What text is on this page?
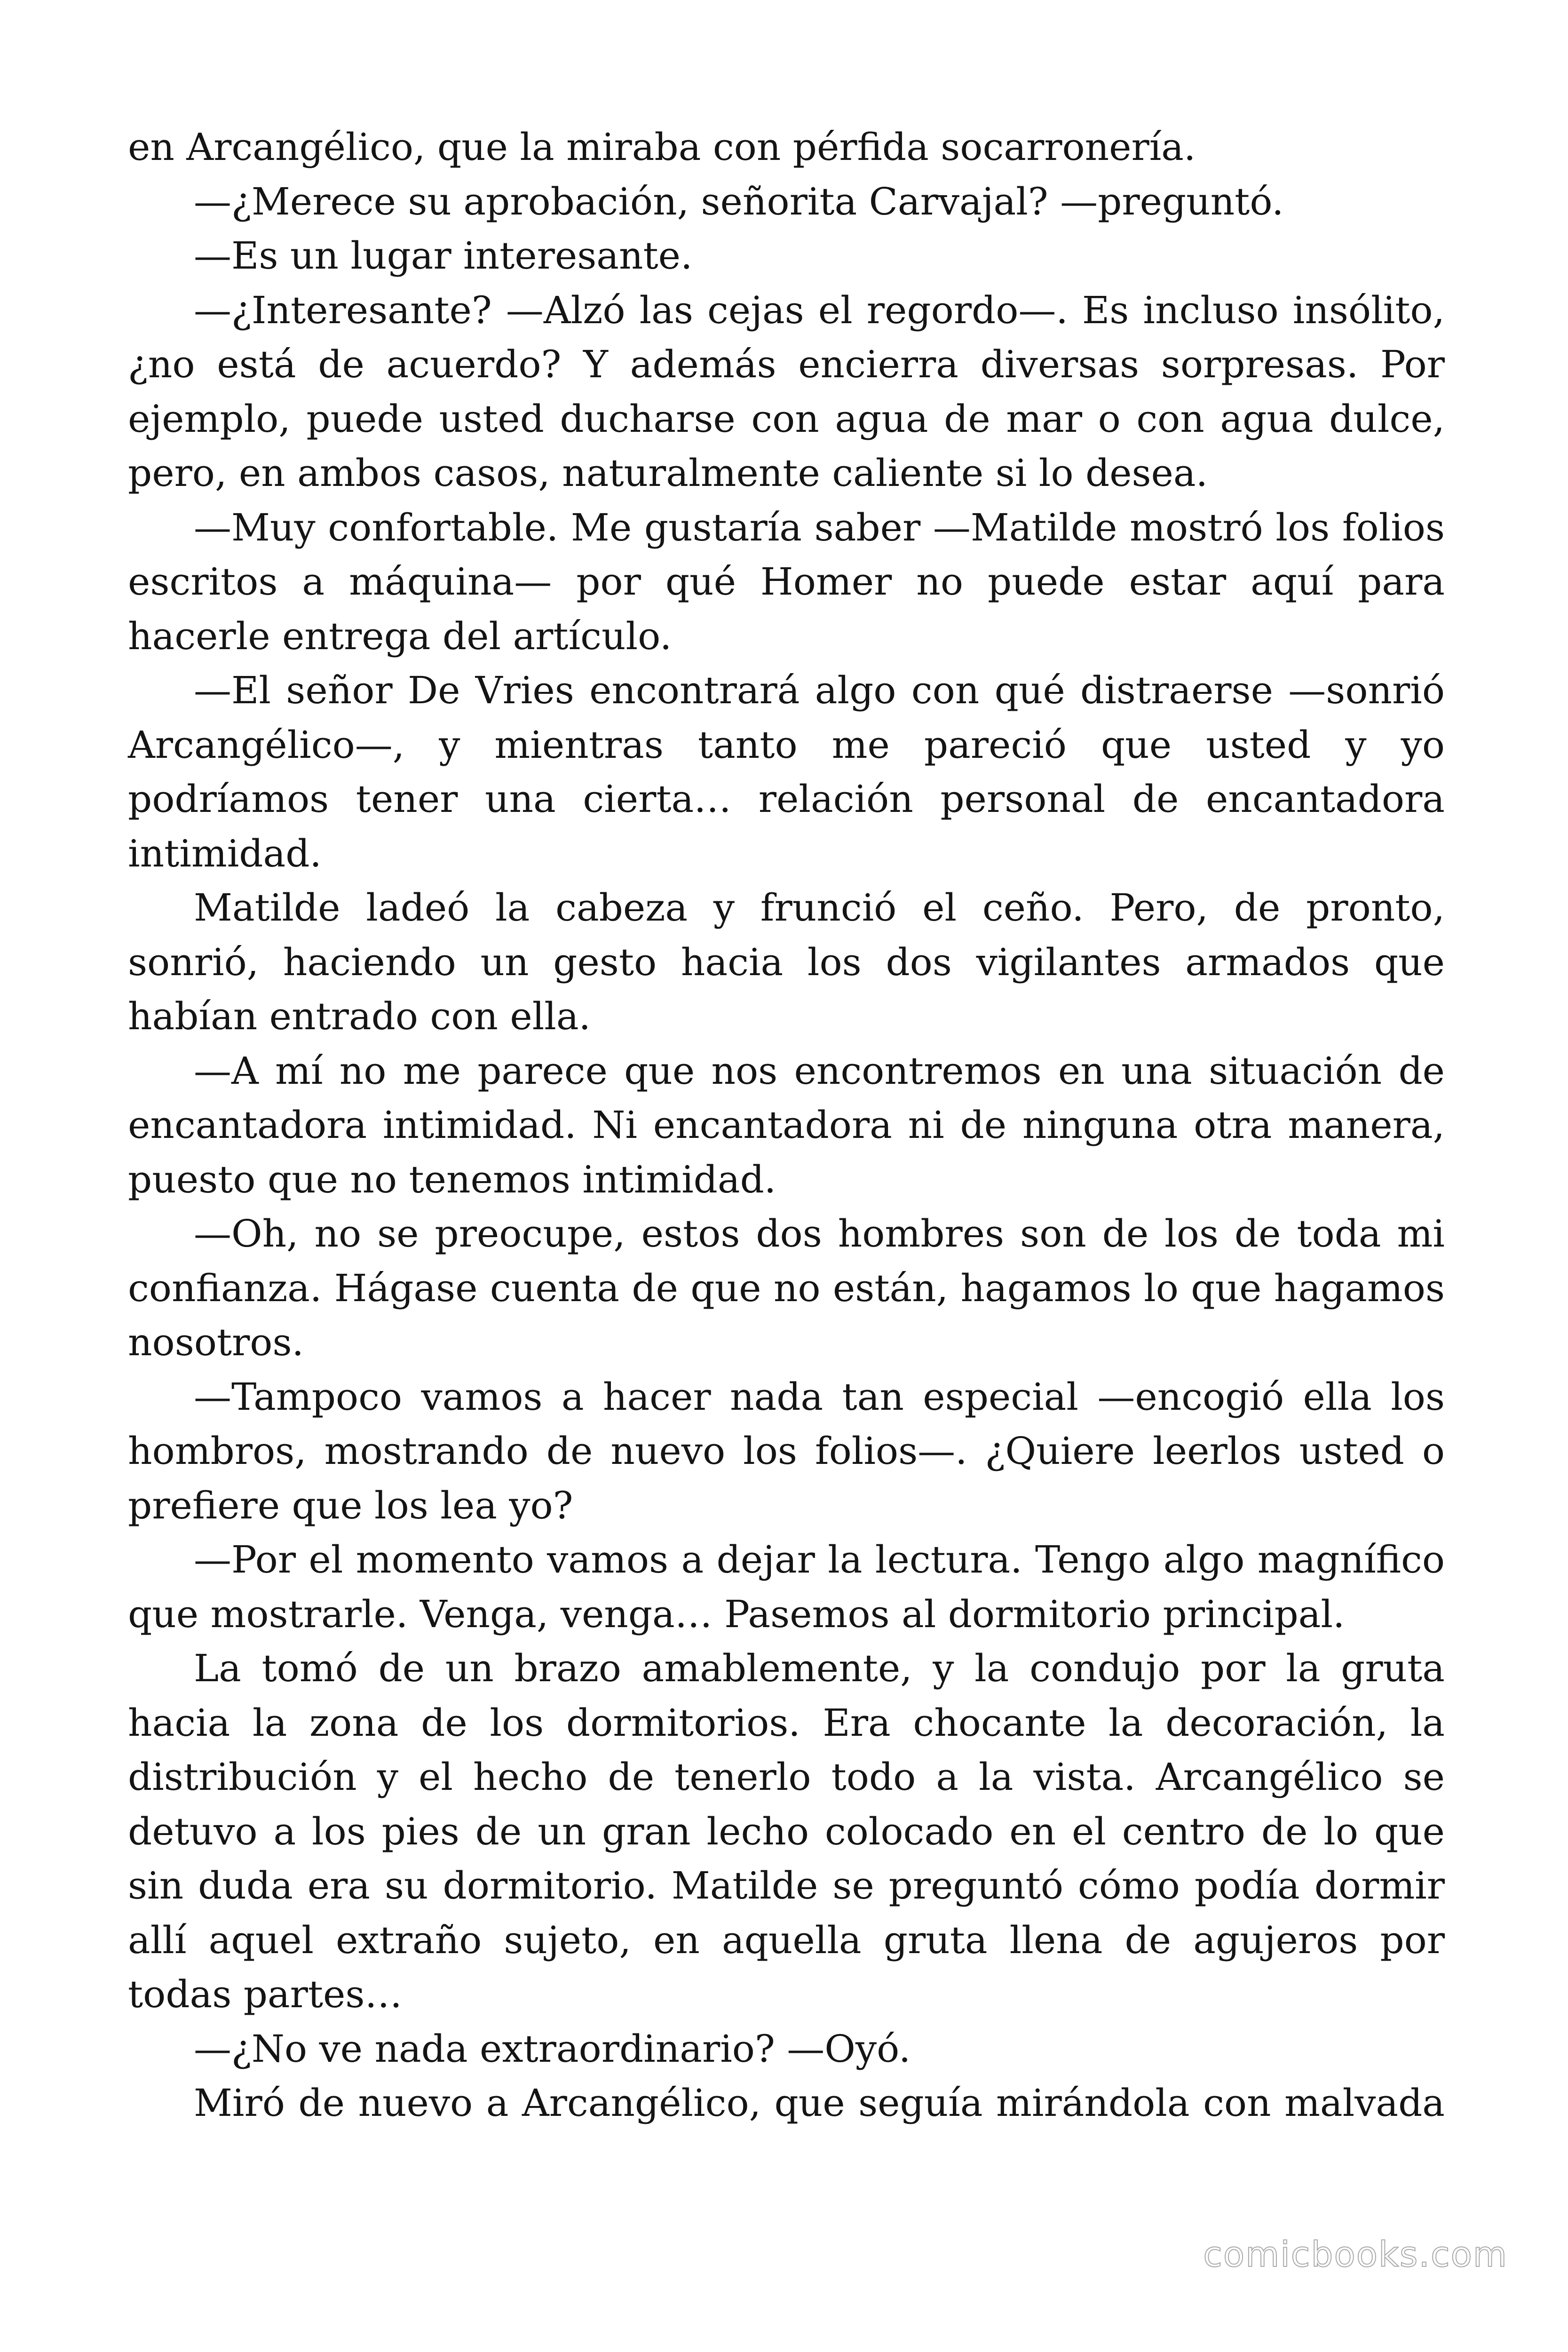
en Arcangélico, que la miraba con pérfida socarronería.

—¿Merece su aprobación, señorita Carvajal? —preguntó.

—Es un lugar interesante.

—¿Interesante? —Alzó las cejas el regordo—. Es incluso insólito, ¿no está de acuerdo? Y además encierra diversas sorpresas. Por ejemplo, puede usted ducharse con agua de mar o con agua dulce, pero, en ambos casos, naturalmente caliente si lo desea.

—Muy confortable. Me gustaría saber —Matilde mostró los folios escritos a máquina— por qué Homer no puede estar aquí para hacerle entrega del artículo.

—El señor De Vries encontrará algo con qué distraerse —sonrió Arcangélico—, y mientras tanto me pareció que usted y yo podríamos tener una cierta… relación personal de encantadora intimidad.

Matilde ladeó la cabeza y frunció el ceño. Pero, de pronto, sonrió, haciendo un gesto hacia los dos vigilantes armados que habían entrado con ella.

—A mí no me parece que nos encontremos en una situación de encantadora intimidad. Ni encantadora ni de ninguna otra manera, puesto que no tenemos intimidad.

—Oh, no se preocupe, estos dos hombres son de los de toda mi confianza. Hágase cuenta de que no están, hagamos lo que hagamos nosotros.

—Tampoco vamos a hacer nada tan especial —encogió ella los hombros, mostrando de nuevo los folios—. ¿Quiere leerlos usted o prefiere que los lea yo?

—Por el momento vamos a dejar la lectura. Tengo algo magnífico que mostrarle. Venga, venga… Pasemos al dormitorio principal.

La tomó de un brazo amablemente, y la condujo por la gruta hacia la zona de los dormitorios. Era chocante la decoración, la distribución y el hecho de tenerlo todo a la vista. Arcangélico se detuvo a los pies de un gran lecho colocado en el centro de lo que sin duda era su dormitorio. Matilde se preguntó cómo podía dormir allí aquel extraño sujeto, en aquella gruta llena de agujeros por todas partes…

—¿No ve nada extraordinario? —Oyó.

Miró de nuevo a Arcangélico, que seguía mirándola con malvada

comicbooks.com
